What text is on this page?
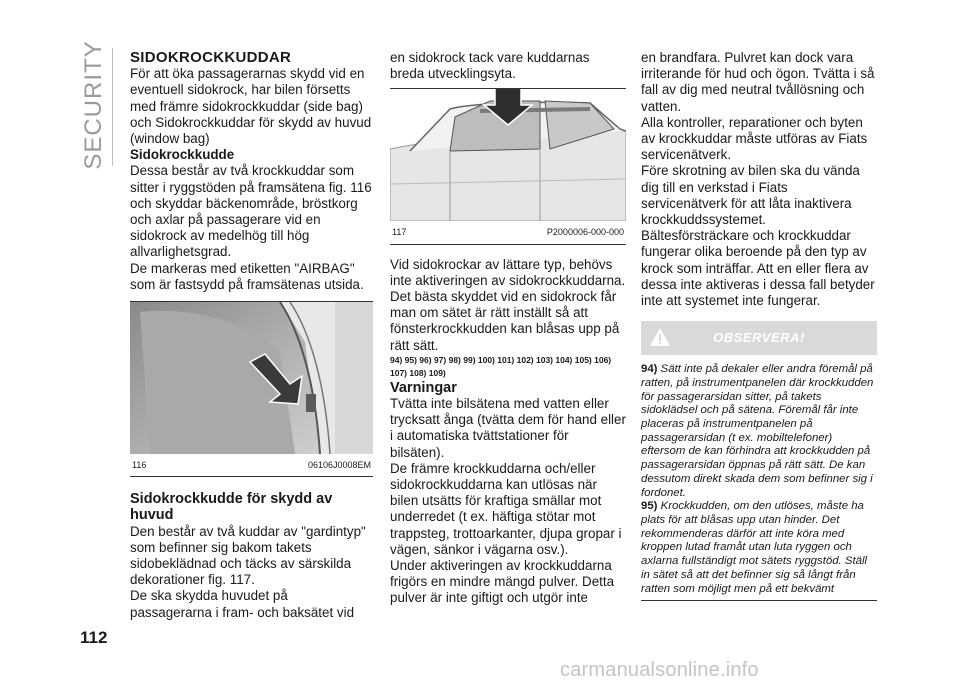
SECURITY
112

SIDOKROCKKUDDAR

För att öka passagerarnas skydd vid en eventuell sidokrock, har bilen försetts med främre sidokrockkuddar (side bag) och Sidokrockkuddar för skydd av huvud (window bag)

Sidokrockkudde

Dessa består av två krockkuddar som sitter i ryggstöden på framsätena fig. 116 och skyddar bäckenområde, bröstkorg och axlar på passagerare vid en sidokrock av medelhög till hög allvarlighetsgrad.

De markeras med etiketten "AIRBAG" som är fastsydd på framsätenas utsida.

116	06106J0008EM

Sidokrockkudde för skydd av huvud

Den består av två kuddar av "gardintyp" som befinner sig bakom takets sidobeklädnad och täcks av särskilda dekorationer fig. 117.

De ska skydda huvudet på passagerarna i fram- och baksätet vid

en sidokrock tack vare kuddarnas breda utvecklingsyta.

117	P2000006-000-000

Vid sidokrockar av lättare typ, behövs inte aktiveringen av sidokrockkuddarna.

Det bästa skyddet vid en sidokrock får man om sätet är rätt inställt så att fönsterkrockkudden kan blåsas upp på rätt sätt.

94) 95) 96) 97) 98) 99) 100) 101) 102) 103) 104) 105) 106)
107) 108) 109)

Varningar

Tvätta inte bilsätena med vatten eller trycksatt ånga (tvätta dem för hand eller i automatiska tvättstationer för bilsäten).

De främre krockkuddarna och/eller sidokrockkuddarna kan utlösas när bilen utsätts för kraftiga smällar mot underredet (t ex. häftiga stötar mot trappsteg, trottoarkanter, djupa gropar i vägen, sänkor i vägarna osv.).

Under aktiveringen av krockkuddarna frigörs en mindre mängd pulver. Detta pulver är inte giftigt och utgör inte

en brandfara. Pulvret kan dock vara irriterande för hud och ögon. Tvätta i så fall av dig med neutral tvållösning och vatten.

Alla kontroller, reparationer och byten av krockkuddar måste utföras av Fiats servicenätverk.

Före skrotning av bilen ska du vända dig till en verkstad i Fiats servicenätverk för att låta inaktivera krockkuddssystemet.

Bältesförsträckare och krockkuddar fungerar olika beroende på den typ av krock som inträffar. Att en eller flera av dessa inte aktiveras i dessa fall betyder inte att systemet inte fungerar.

OBSERVERA!

94) Sätt inte på dekaler eller andra föremål på ratten, på instrumentpanelen där krockkudden för passagerarsidan sitter, på takets sidoklädsel och på sätena. Föremål får inte placeras på instrumentpanelen på passagerarsidan (t ex. mobiltelefoner) eftersom de kan förhindra att krockkudden på passagerarsidan öppnas på rätt sätt. De kan dessutom direkt skada dem som befinner sig i fordonet.

95) Krockkudden, om den utlöses, måste ha plats för att blåsas upp utan hinder. Det rekommenderas därför att inte köra med kroppen lutad framåt utan luta ryggen och axlarna fullständigt mot sätets ryggstöd. Ställ in sätet så att det befinner sig så långt från ratten som möjligt men på ett bekvämt

carmanualsonline.info
